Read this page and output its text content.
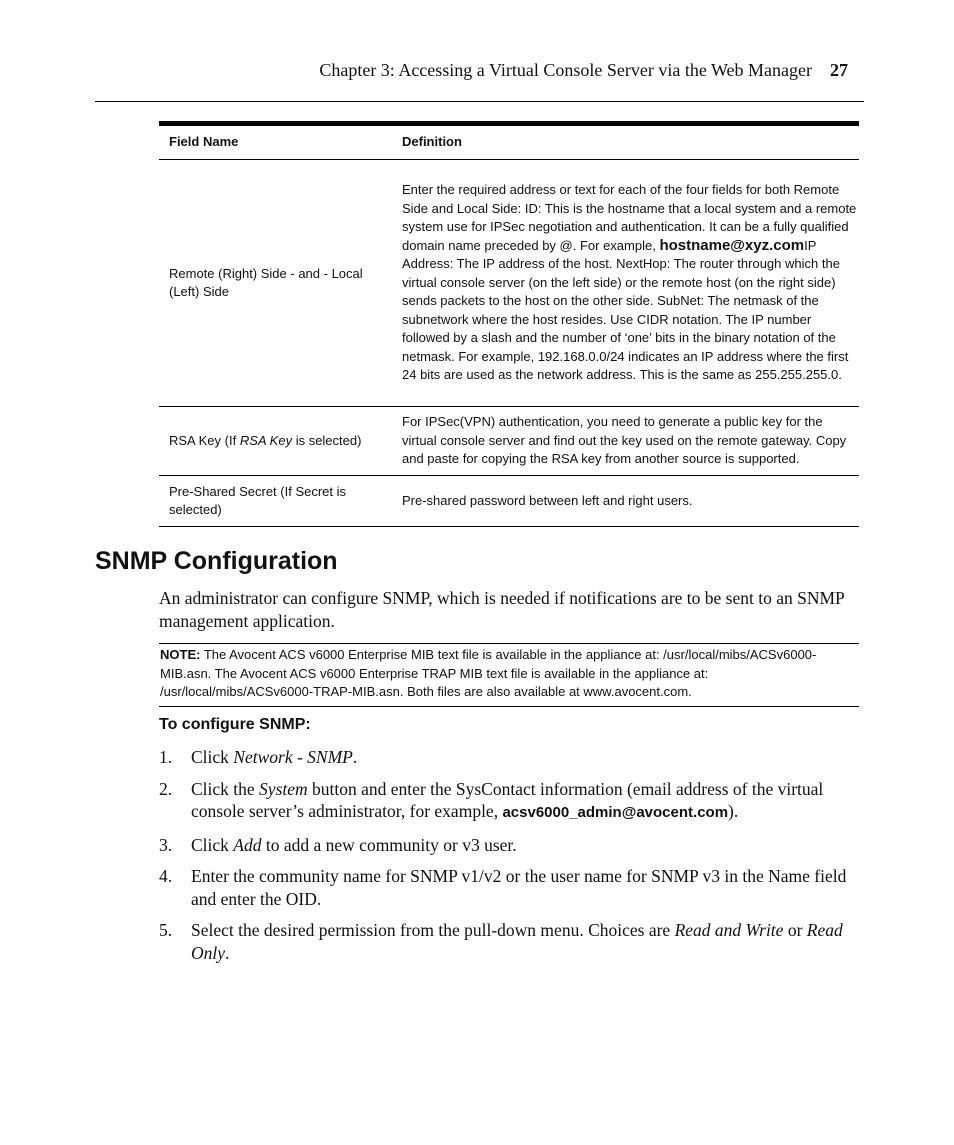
Chapter 3: Accessing a Virtual Console Server via the Web Manager 27
Field Name	Definition
Remote (Right) Side - and - Local (Left) Side
Enter the required address or text for each of the four fields for both Remote Side and Local Side: ID: This is the hostname that a local system and a remote system use for IPSec negotiation and authentication. It can be a fully qualified domain name preceded by @. For example, hostname@xyz.comIP Address: The IP address of the host. NextHop: The router through which the virtual console server (on the left side) or the remote host (on the right side) sends packets to the host on the other side. SubNet: The netmask of the subnetwork where the host resides. Use CIDR notation. The IP number followed by a slash and the number of ‘one’ bits in the binary notation of the netmask. For example, 192.168.0.0/24 indicates an IP address where the first 24 bits are used as the network address. This is the same as 255.255.255.0.
RSA Key (If RSA Key is selected)
For IPSec(VPN) authentication, you need to generate a public key for the virtual console server and find out the key used on the remote gateway. Copy and paste for copying the RSA key from another source is supported.
Pre-Shared Secret (If Secret is selected)
Pre-shared password between left and right users.
SNMP Configuration

An administrator can configure SNMP, which is needed if notifications are to be sent to an SNMP management application.

NOTE: The Avocent ACS v6000 Enterprise MIB text file is available in the appliance at: /usr/local/mibs/ACSv6000-MIB.asn. The Avocent ACS v6000 Enterprise TRAP MIB text file is available in the appliance at: /usr/local/mibs/ACSv6000-TRAP-MIB.asn. Both files are also available at www.avocent.com.
To configure SNMP:
1. Click Network - SNMP.
2. Click the System button and enter the SysContact information (email address of the virtual console server’s administrator, for example, acsv6000_admin@avocent.com).
3. Click Add to add a new community or v3 user.
4. Enter the community name for SNMP v1/v2 or the user name for SNMP v3 in the Name field and enter the OID.
5. Select the desired permission from the pull-down menu. Choices are Read and Write or Read Only.
